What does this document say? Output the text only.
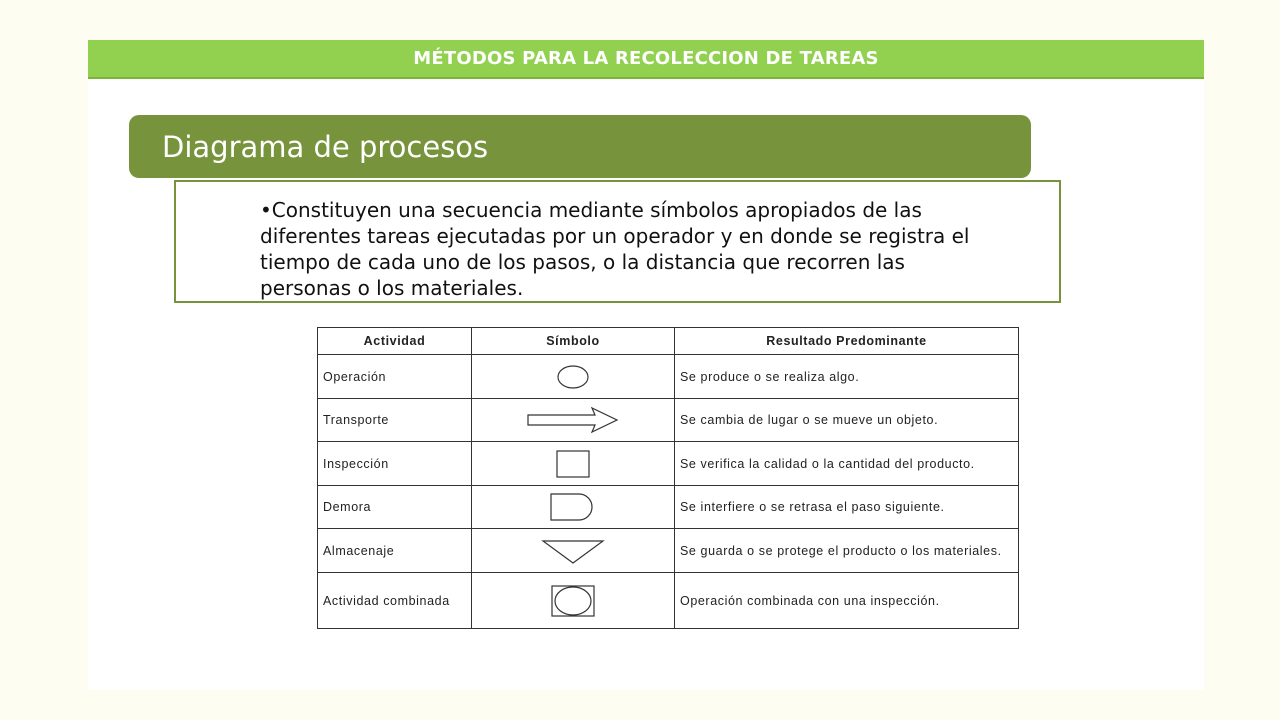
MÉTODOS PARA LA RECOLECCION DE TAREAS
Diagrama de procesos

•Constituyen una secuencia mediante símbolos apropiados de las diferentes tareas ejecutadas por un operador y en donde se registra el tiempo de cada uno de los pasos, o la distancia que recorren las personas o los materiales.

Actividad	Símbolo	Resultado Predominante
Operación		Se produce o se realiza algo.
Transporte		Se cambia de lugar o se mueve un objeto.
Inspección		Se verifica la calidad o la cantidad del producto.
Demora		Se interfiere o se retrasa el paso siguiente.
Almacenaje		Se guarda o se protege el producto o los materiales.
Actividad combinada		Operación combinada con una inspección.
